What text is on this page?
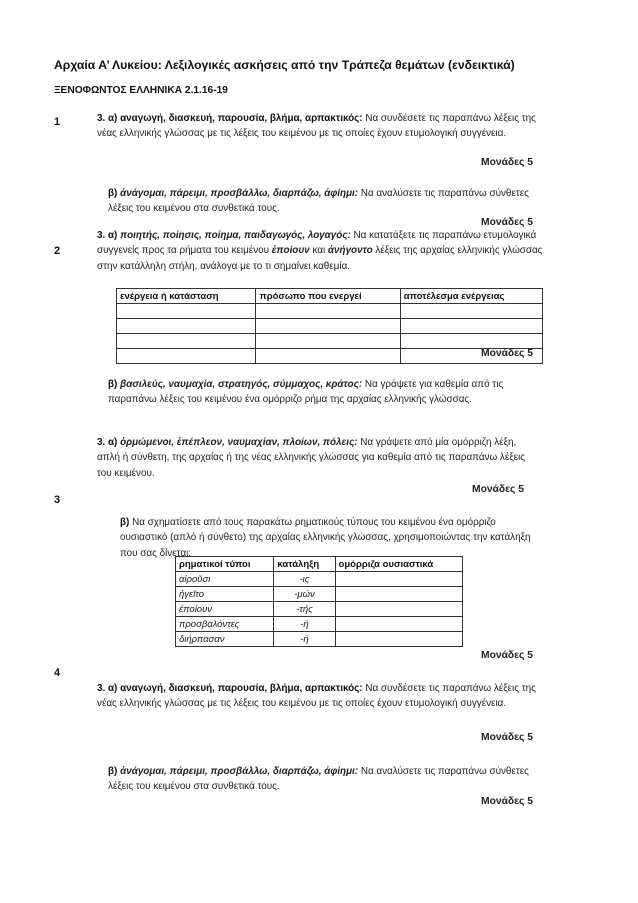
Αρχαία Α’ Λυκείου: Λεξιλογικές ασκήσεις από την Τράπεζα θεμάτων (ενδεικτικά)
ΞΕΝΟΦΩΝΤΟΣ ΕΛΛΗΝΙΚΑ 2.1.16-19
1
2
3
4
3. α) αναγωγή, διασκευή, παρουσία, βλήμα, αρπακτικός: Να συνδέσετε τις παραπάνω λέξεις της νέας ελληνικής γλώσσας με τις λέξεις του κειμένου με τις οποίες έχουν ετυμολογική συγγένεια.
Μονάδες 5
β) ἀνάγομαι, πάρειμι, προσβάλλω, διαρπάζω, ἀφίημι: Να αναλύσετε τις παραπάνω σύνθετες λέξεις του κειμένου στα συνθετικά τους.
Μονάδες 5
3. α) ποιητής, ποίησις, ποίημα, παιδαγωγός, λογαγός: Να κατατάξετε τις παραπάνω ετυμολογικά συγγενείς προς τα ρήματα του κειμένου ἐποίουν και ἀνήγοντο λέξεις της αρχαίας ελληνικής γλώσσας στην κατάλληλη στήλη, ανάλογα με το τι σημαίνει καθεμία.
ενέργεια ή κατάσταση	πρόσωπο που ενεργεί	αποτέλεσμα ενέργειας

Μονάδες 5
β) βασιλεύς, ναυμαχία, στρατηγός, σύμμαχος, κράτος: Να γράψετε για καθεμία από τις παραπάνω λέξεις του κειμένου ένα ομόρριζο ρήμα της αρχαίας ελληνικής γλώσσας.
3. α) ὁρμώμενοι, ἐπέπλεον, ναυμαχίαν, πλοίων, πόλεις: Να γράψετε από μία ομόρριζη λέξη, απλή ή σύνθετη, της αρχαίας ή της νέας ελληνικής γλώσσας για καθεμία από τις παραπάνω λέξεις του κειμένου.
Μονάδες 5
β) Να σχηματίσετε από τους παρακάτω ρηματικούς τύπους του κειμένου ένα ομόρριζο ουσιαστικό (απλό ή σύνθετο) της αρχαίας ελληνικής γλώσσας, χρησιμοποιώντας την κατάληξη που σας δίνεται:
ρηματικοί τύποι	κατάληξη	ομόρριζα ουσιαστικά
αἱροῦσι	-ις	
ἡγεῖτο	-μών	
ἐποίουν	-τής	
προσβαλόντες	-ή	
διήρπασαν	-ή	
Μονάδες 5
3. α) αναγωγή, διασκευή, παρουσία, βλήμα, αρπακτικός: Να συνδέσετε τις παραπάνω λέξεις της νέας ελληνικής γλώσσας με τις λέξεις του κειμένου με τις οποίες έχουν ετυμολογική συγγένεια.
Μονάδες 5
β) ἀνάγομαι, πάρειμι, προσβάλλω, διαρπάζω, ἀφίημι: Να αναλύσετε τις παραπάνω σύνθετες λέξεις του κειμένου στα συνθετικά τους.
Μονάδες 5
